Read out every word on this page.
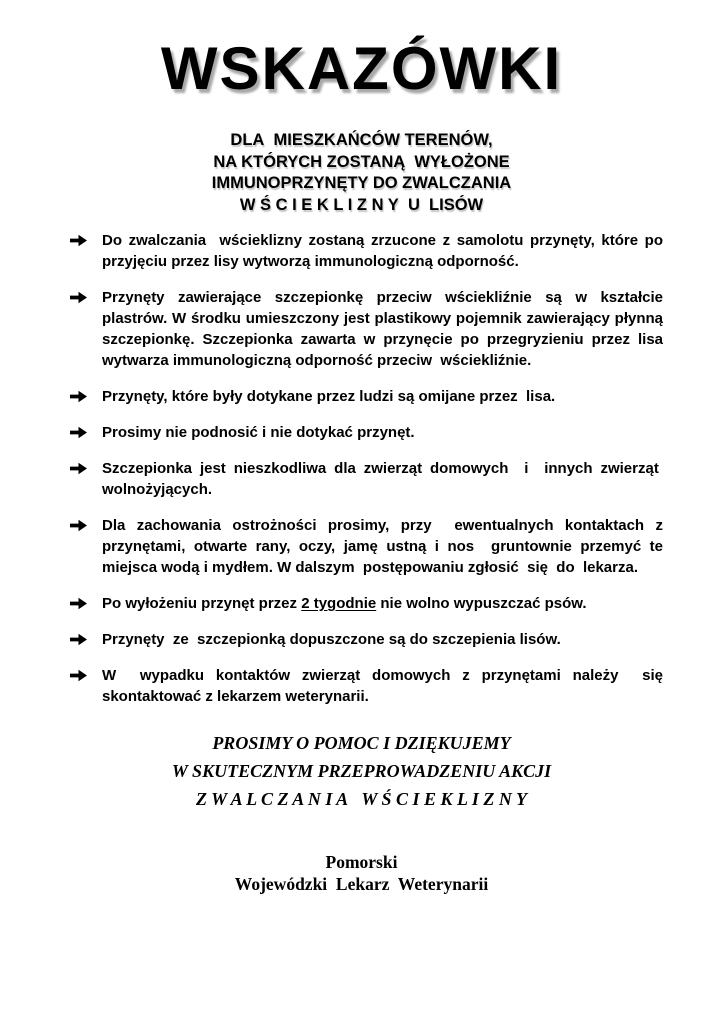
WSKAZÓWKI
DLA  MIESZKAŃCÓW TERENÓW,
NA KTÓRYCH ZOSTANĄ  WYŁOŻONE
IMMUNOPRZYNĘTY DO ZWALCZANIA
W Ś C I E K L I Z N Y  U  LISÓW
Do zwalczania  wścieklizny zostaną zrzucone z samolotu przynęty, które po przyjęciu przez lisy wytworzą immunologiczną odporność.
Przynęty zawierające szczepionkę przeciw wściekliźnie są w kształcie plastrów. W środku umieszczony jest plastikowy pojemnik zawierający płynną szczepionkę. Szczepionka zawarta w przynęcie po przegryzieniu przez lisa wytwarza immunologiczną odporność przeciw  wściekliźnie.
Przynęty, które były dotykane przez ludzi są omijane przez  lisa.
Prosimy nie podnosić i nie dotykać przynęt.
Szczepionka jest nieszkodliwa dla zwierząt domowych  i  innych zwierząt  wolnożyjących.
Dla zachowania ostrożności prosimy, przy  ewentualnych kontaktach z przynętami, otwarte rany, oczy, jamę ustną i nos  gruntownie przemyć te miejsca wodą i mydłem. W dalszym  postępowaniu zgłosić  się  do  lekarza.
Po wyłożeniu przynęt przez 2 tygodnie nie wolno wypuszczać psów.
Przynęty  ze  szczepionką dopuszczone są do szczepienia lisów.
W  wypadku kontaktów zwierząt domowych z przynętami należy  się skontaktować z lekarzem weterynarii.
PROSIMY O POMOC I DZIĘKUJEMY
W SKUTECZNYM PRZEPROWADZENIU AKCJI
Z W A L C Z A N I A   W Ś C I E K L I Z N Y
Pomorski
Wojewódzki  Lekarz  Weterynarii
